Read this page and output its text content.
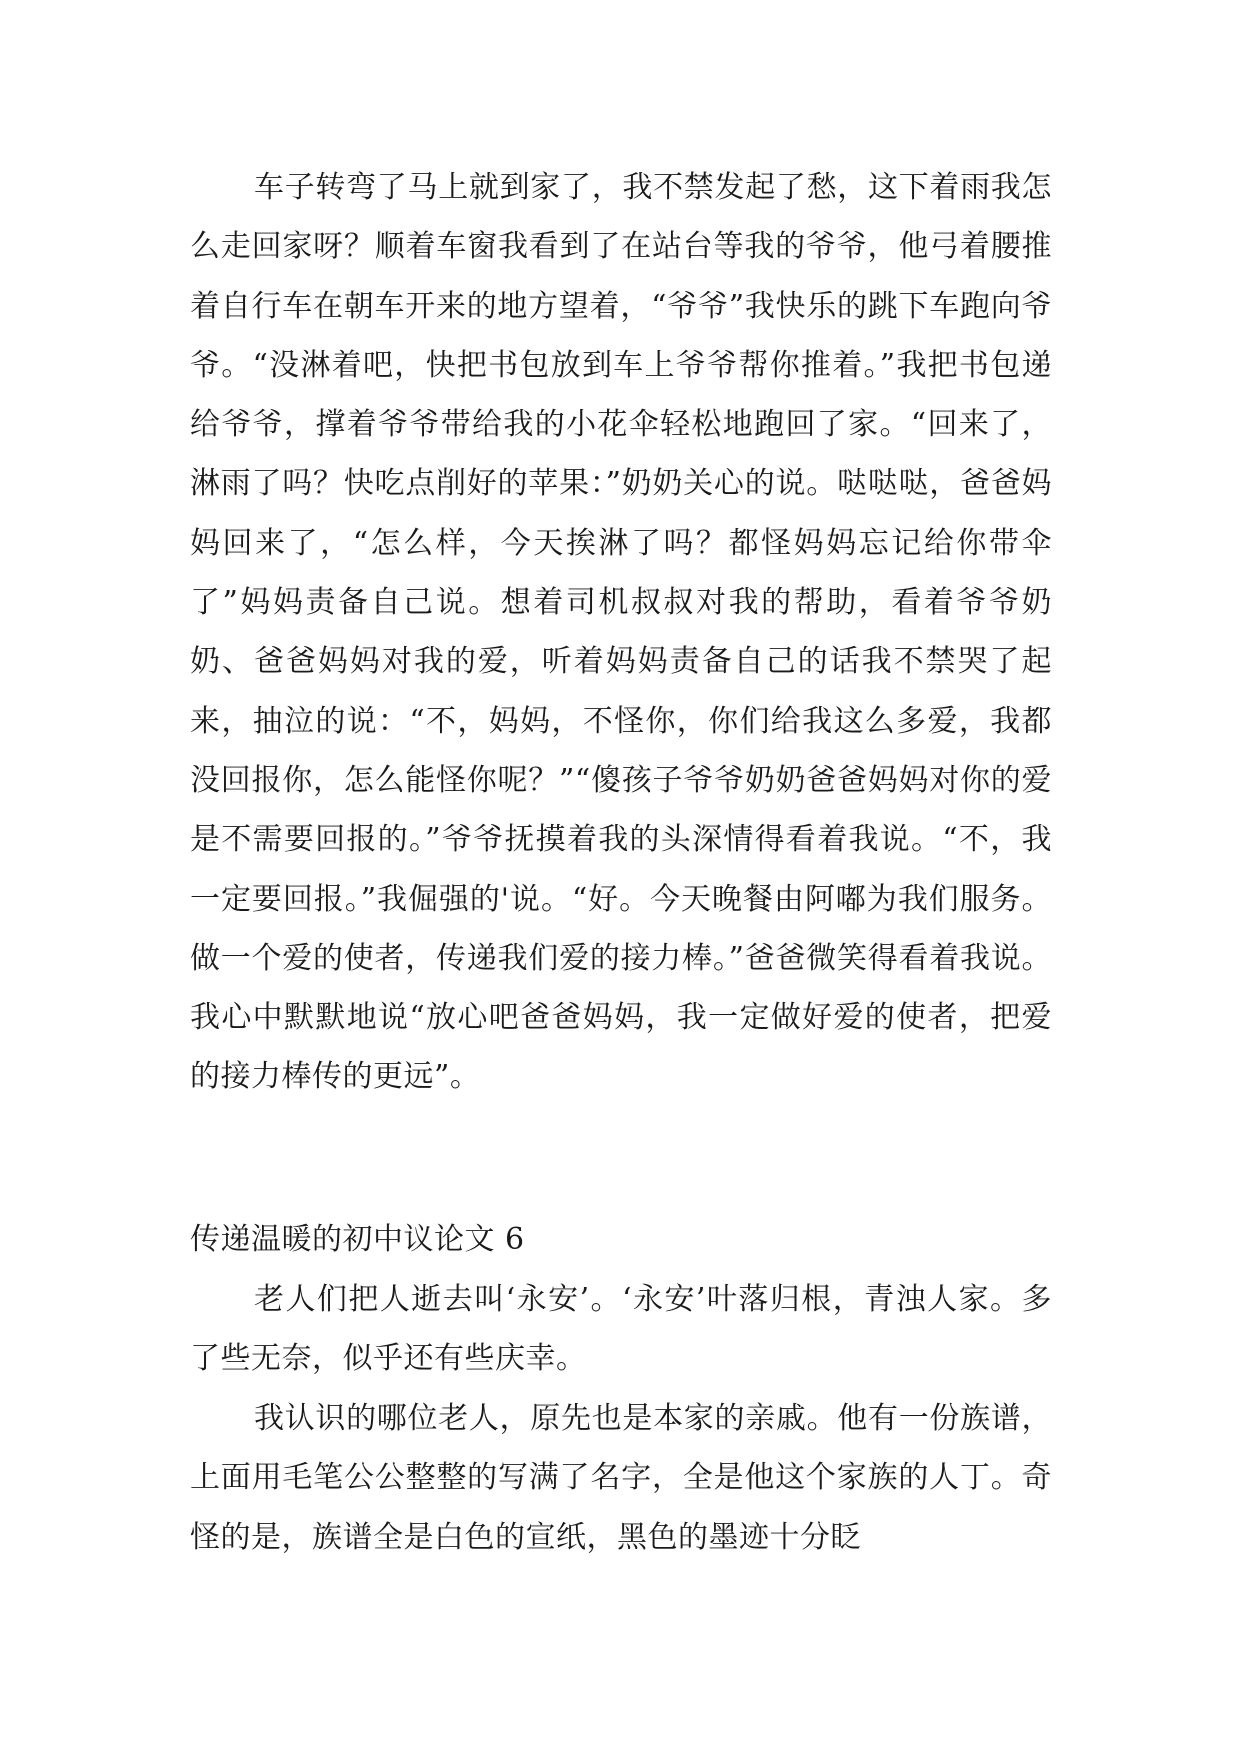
车子转弯了马上就到家了，我不禁发起了愁，这下着雨我怎么走回家呀？顺着车窗我看到了在站台等我的爷爷，他弓着腰推着自行车在朝车开来的地方望着，“爷爷”我快乐的跳下车跑向爷爷。“没淋着吧，快把书包放到车上爷爷帮你推着。”我把书包递给爷爷，撑着爷爷带给我的小花伞轻松地跑回了家。“回来了，淋雨了吗？快吃点削好的苹果：”奶奶关心的说。哒哒哒，爸爸妈妈回来了，“怎么样，今天挨淋了吗？都怪妈妈忘记给你带伞了”妈妈责备自己说。想着司机叔叔对我的帮助，看着爷爷奶奶、爸爸妈妈对我的爱，听着妈妈责备自己的话我不禁哭了起来，抽泣的说：“不，妈妈，不怪你，你们给我这么多爱，我都没回报你，怎么能怪你呢？”“傻孩子爷爷奶奶爸爸妈妈对你的爱是不需要回报的。”爷爷抚摸着我的头深情得看着我说。“不，我一定要回报。”我倔强的'说。“好。今天晚餐由阿嘟为我们服务。做一个爱的使者，传递我们爱的接力棒。”爸爸微笑得看着我说。我心中默默地说“放心吧爸爸妈妈，我一定做好爱的使者，把爱的接力棒传的更远”。

传递温暖的初中议论文 6

老人们把人逝去叫‘永安’。‘永安’叶落归根，青浊人家。多了些无奈，似乎还有些庆幸。

我认识的哪位老人，原先也是本家的亲戚。他有一份族谱，上面用毛笔公公整整的写满了名字，全是他这个家族的人丁。奇怪的是，族谱全是白色的宣纸，黑色的墨迹十分眨
